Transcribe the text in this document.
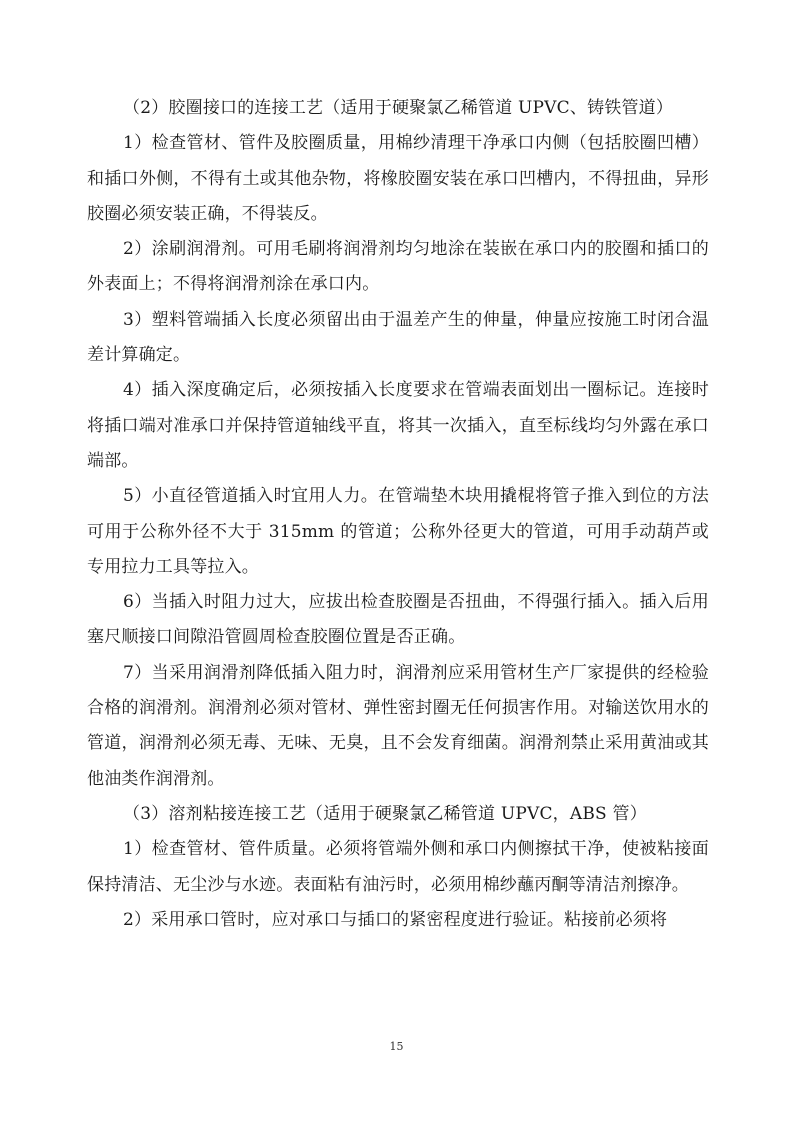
（2）胶圈接口的连接工艺（适用于硬聚氯乙稀管道 UPVC、铸铁管道）

1）检查管材、管件及胶圈质量，用棉纱清理干净承口内侧（包括胶圈凹槽）和插口外侧，不得有土或其他杂物，将橡胶圈安装在承口凹槽内，不得扭曲，异形胶圈必须安装正确，不得装反。

2）涂刷润滑剂。可用毛刷将润滑剂均匀地涂在装嵌在承口内的胶圈和插口的外表面上；不得将润滑剂涂在承口内。

3）塑料管端插入长度必须留出由于温差产生的伸量，伸量应按施工时闭合温差计算确定。

4）插入深度确定后，必须按插入长度要求在管端表面划出一圈标记。连接时将插口端对准承口并保持管道轴线平直，将其一次插入，直至标线均匀外露在承口端部。

5）小直径管道插入时宜用人力。在管端垫木块用撬棍将管子推入到位的方法可用于公称外径不大于 315mm 的管道；公称外径更大的管道，可用手动葫芦或专用拉力工具等拉入。

6）当插入时阻力过大，应拔出检查胶圈是否扭曲，不得强行插入。插入后用塞尺顺接口间隙沿管圆周检查胶圈位置是否正确。

7）当采用润滑剂降低插入阻力时，润滑剂应采用管材生产厂家提供的经检验合格的润滑剂。润滑剂必须对管材、弹性密封圈无任何损害作用。对输送饮用水的管道，润滑剂必须无毒、无味、无臭，且不会发育细菌。润滑剂禁止采用黄油或其他油类作润滑剂。

（3）溶剂粘接连接工艺（适用于硬聚氯乙稀管道 UPVC，ABS 管）

1）检查管材、管件质量。必须将管端外侧和承口内侧擦拭干净，使被粘接面保持清洁、无尘沙与水迹。表面粘有油污时，必须用棉纱蘸丙酮等清洁剂擦净。

2）采用承口管时，应对承口与插口的紧密程度进行验证。粘接前必须将

15
